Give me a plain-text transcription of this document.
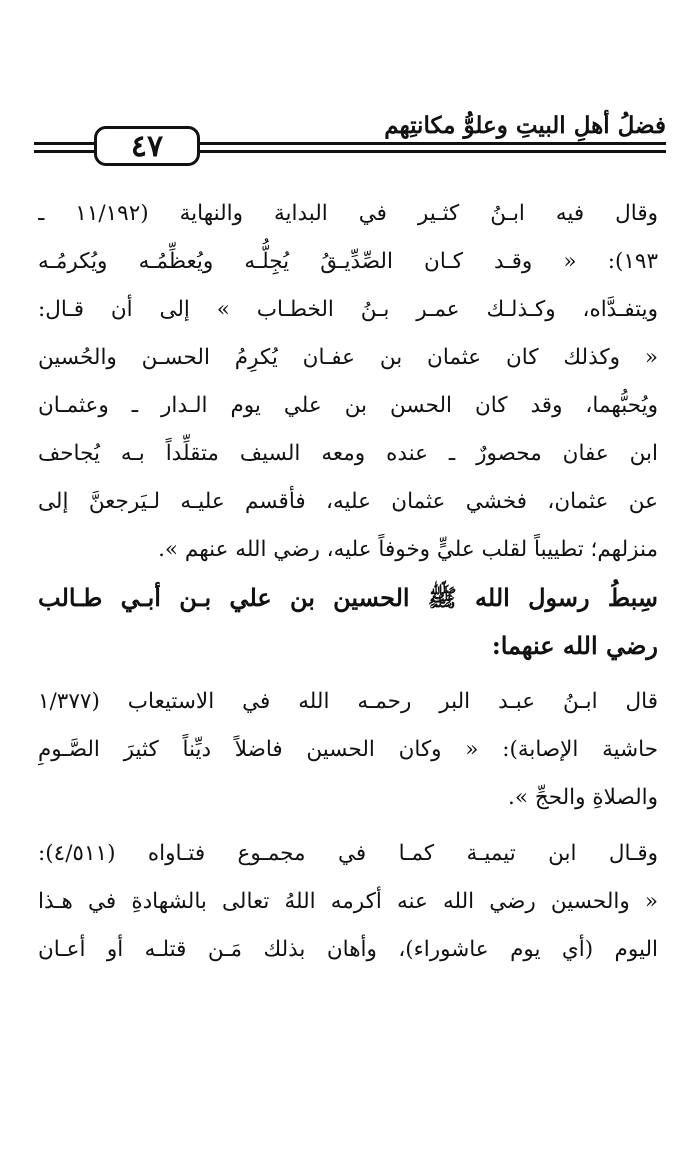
فضلُ أهلِ البيتِ وعلوُّ مكانتِهم
٤٧
وقال فيه ابـنُ كثـير في البداية والنهاية (١١/١٩٢ ـ
١٩٣): « وقـد كـان الصِّدِّيـقُ يُجِلُّـه ويُعظِّمُـه ويُكرمُـه
ويتفـدَّاه، وكـذلـك عمـر بـنُ الخطـاب » إلى أن قـال:
« وكذلك كان عثمان بن عفـان يُكرِمُ الحسـن والحُسين
ويُحبُّهما، وقد كان الحسن بن علي يوم الـدار ـ وعثمـان
ابن عفان محصورٌ ـ عنده ومعه السيف متقلِّداً بـه يُجاحف
عن عثمان، فخشي عثمان عليه، فأقسم عليـه لـيَرجعنَّ إلى
منزلهم؛ تطييباً لقلب عليٍّ وخوفاً عليه، رضي الله عنهم ».
سِبطُ رسول الله ﷺ الحسين بن علي بـن أبـي طـالب
رضي الله عنهما:
قال ابـنُ عبـد البر رحمـه الله في الاستيعاب (١/٣٧٧
حاشية الإصابة): « وكان الحسين فاضلاً ديِّناً كثيرَ الصَّـومِ
والصلاةِ والحجِّ ».
وقـال ابن تيميـة كمـا في مجمـوع فتـاواه (٤/٥١١):
« والحسين رضي الله عنه أكرمه اللهُ تعالى بالشهادةِ في هـذا
اليوم (أي يوم عاشوراء)، وأهان بذلك مَـن قتلـه أو أعـان
